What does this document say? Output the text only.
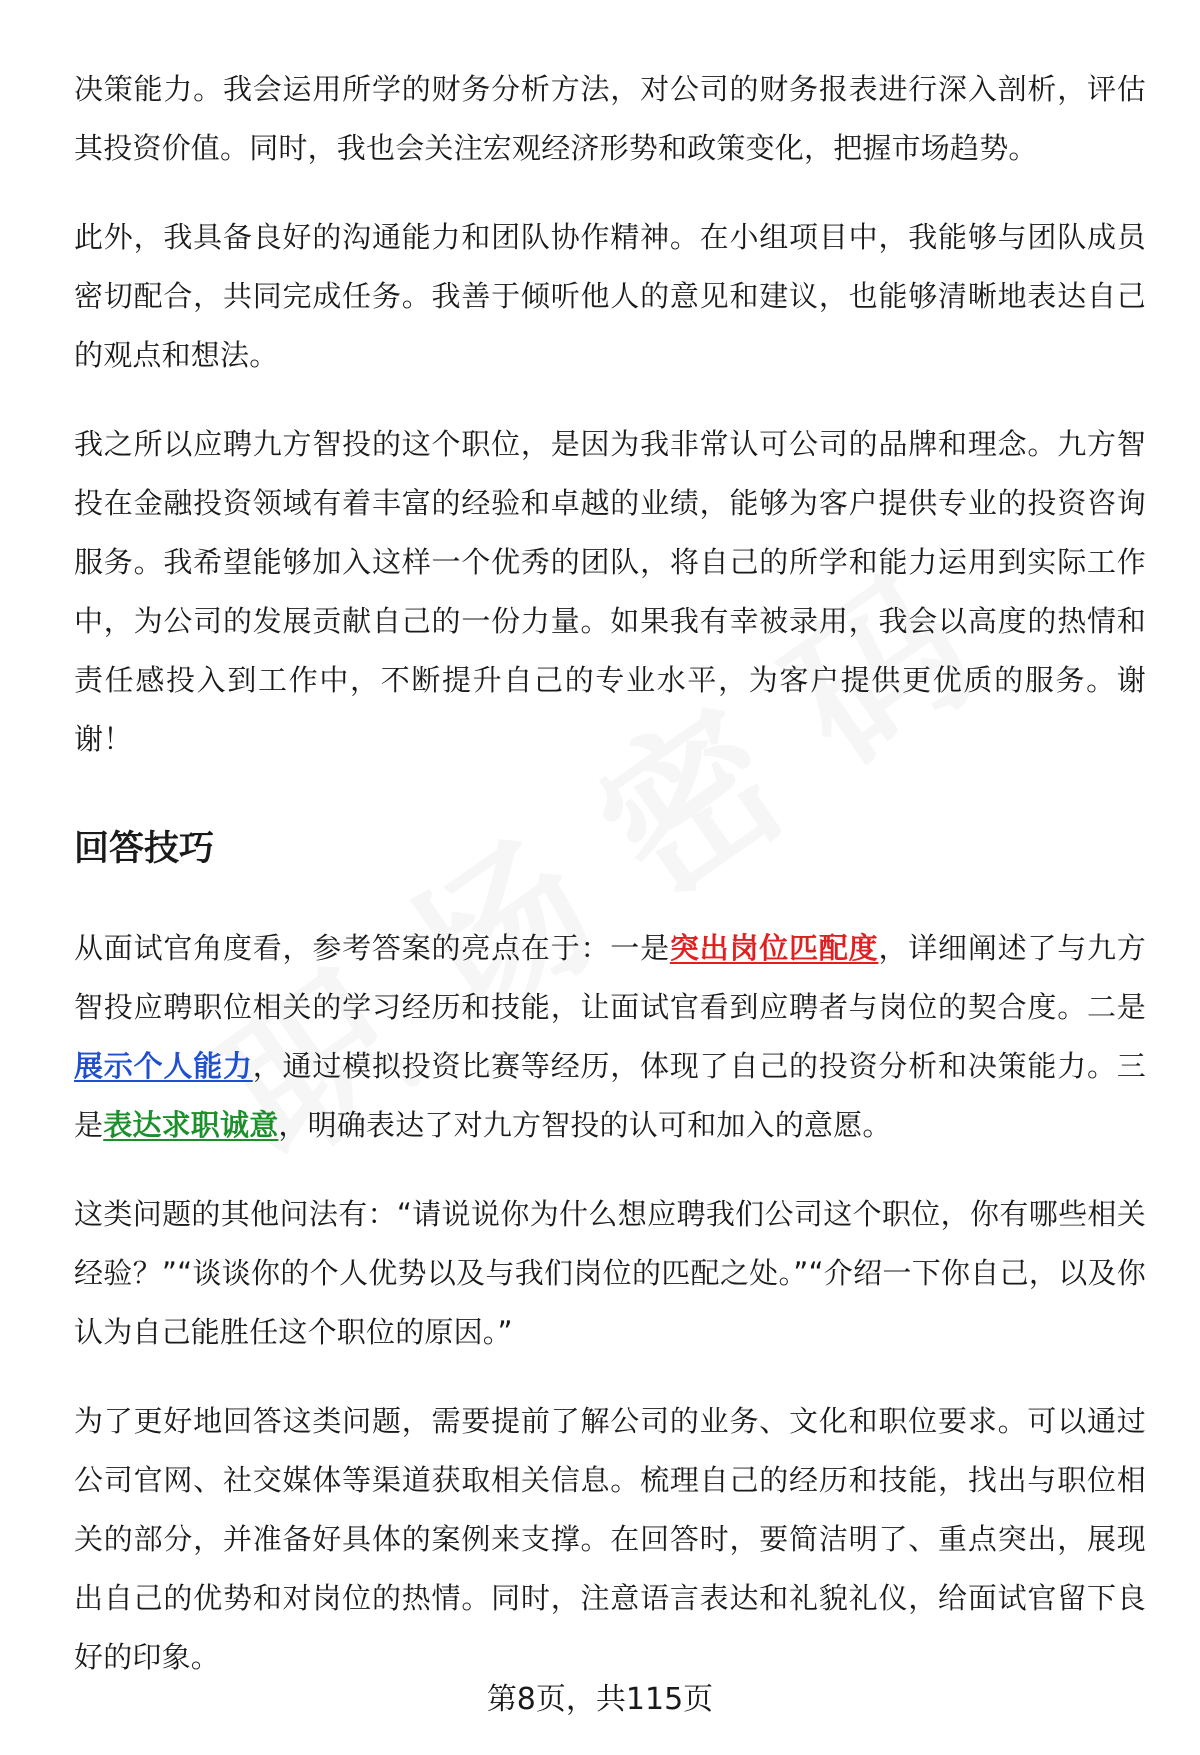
决策能力。我会运用所学的财务分析方法，对公司的财务报表进行深入剖析，评估其投资价值。同时，我也会关注宏观经济形势和政策变化，把握市场趋势。

此外，我具备良好的沟通能力和团队协作精神。在小组项目中，我能够与团队成员密切配合，共同完成任务。我善于倾听他人的意见和建议，也能够清晰地表达自己的观点和想法。

我之所以应聘九方智投的这个职位，是因为我非常认可公司的品牌和理念。九方智投在金融投资领域有着丰富的经验和卓越的业绩，能够为客户提供专业的投资咨询服务。我希望能够加入这样一个优秀的团队，将自己的所学和能力运用到实际工作中，为公司的发展贡献自己的一份力量。如果我有幸被录用，我会以高度的热情和责任感投入到工作中，不断提升自己的专业水平，为客户提供更优质的服务。谢谢！

回答技巧

从面试官角度看，参考答案的亮点在于：一是突出岗位匹配度，详细阐述了与九方智投应聘职位相关的学习经历和技能，让面试官看到应聘者与岗位的契合度。二是展示个人能力，通过模拟投资比赛等经历，体现了自己的投资分析和决策能力。三是表达求职诚意，明确表达了对九方智投的认可和加入的意愿。

这类问题的其他问法有：“请说说你为什么想应聘我们公司这个职位，你有哪些相关经验？”“谈谈你的个人优势以及与我们岗位的匹配之处。”“介绍一下你自己，以及你认为自己能胜任这个职位的原因。”

为了更好地回答这类问题，需要提前了解公司的业务、文化和职位要求。可以通过公司官网、社交媒体等渠道获取相关信息。梳理自己的经历和技能，找出与职位相关的部分，并准备好具体的案例来支撑。在回答时，要简洁明了、重点突出，展现出自己的优势和对岗位的热情。同时，注意语言表达和礼貌礼仪，给面试官留下良好的印象。

第8页，共115页
